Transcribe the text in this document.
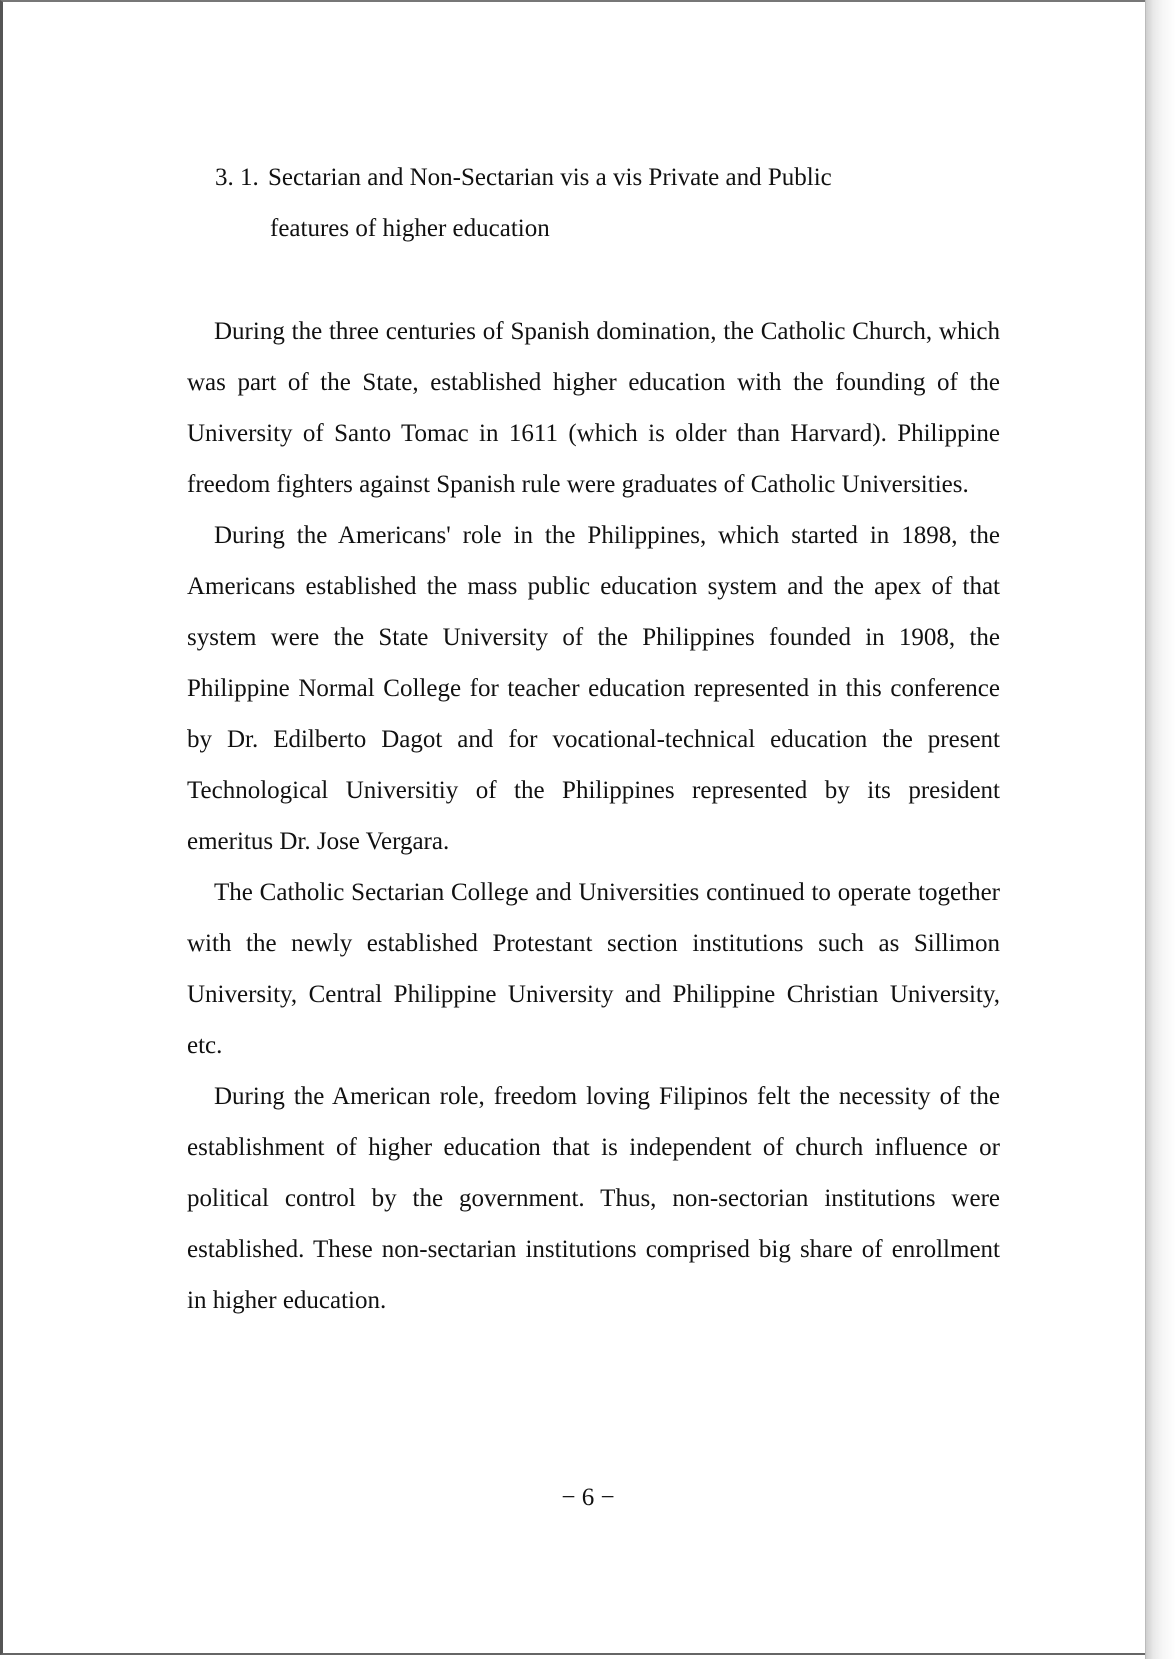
3. 1. Sectarian and Non-Sectarian vis a vis Private and Public
features of higher education

During the three centuries of Spanish domination, the Catholic Church, which was part of the State, established higher education with the founding of the University of Santo Tomac in 1611 (which is older than Harvard). Philippine freedom fighters against Spanish rule were graduates of Catholic Universities.

During the Americans' role in the Philippines, which started in 1898, the Americans established the mass public education system and the apex of that system were the State University of the Philippines founded in 1908, the Philippine Normal College for teacher education represented in this conference by Dr. Edilberto Dagot and for vocational-technical education the present Technological Universitiy of the Philippines represented by its president emeritus Dr. Jose Vergara.

The Catholic Sectarian College and Universities continued to operate together with the newly established Protestant section institutions such as Sillimon University, Central Philippine University and Philippine Christian University, etc.

During the American role, freedom loving Filipinos felt the necessity of the establishment of higher education that is independent of church influence or political control by the government. Thus, non-sectorian institutions were established. These non-sectarian institutions comprised big share of enrollment in higher education.

− 6 −
